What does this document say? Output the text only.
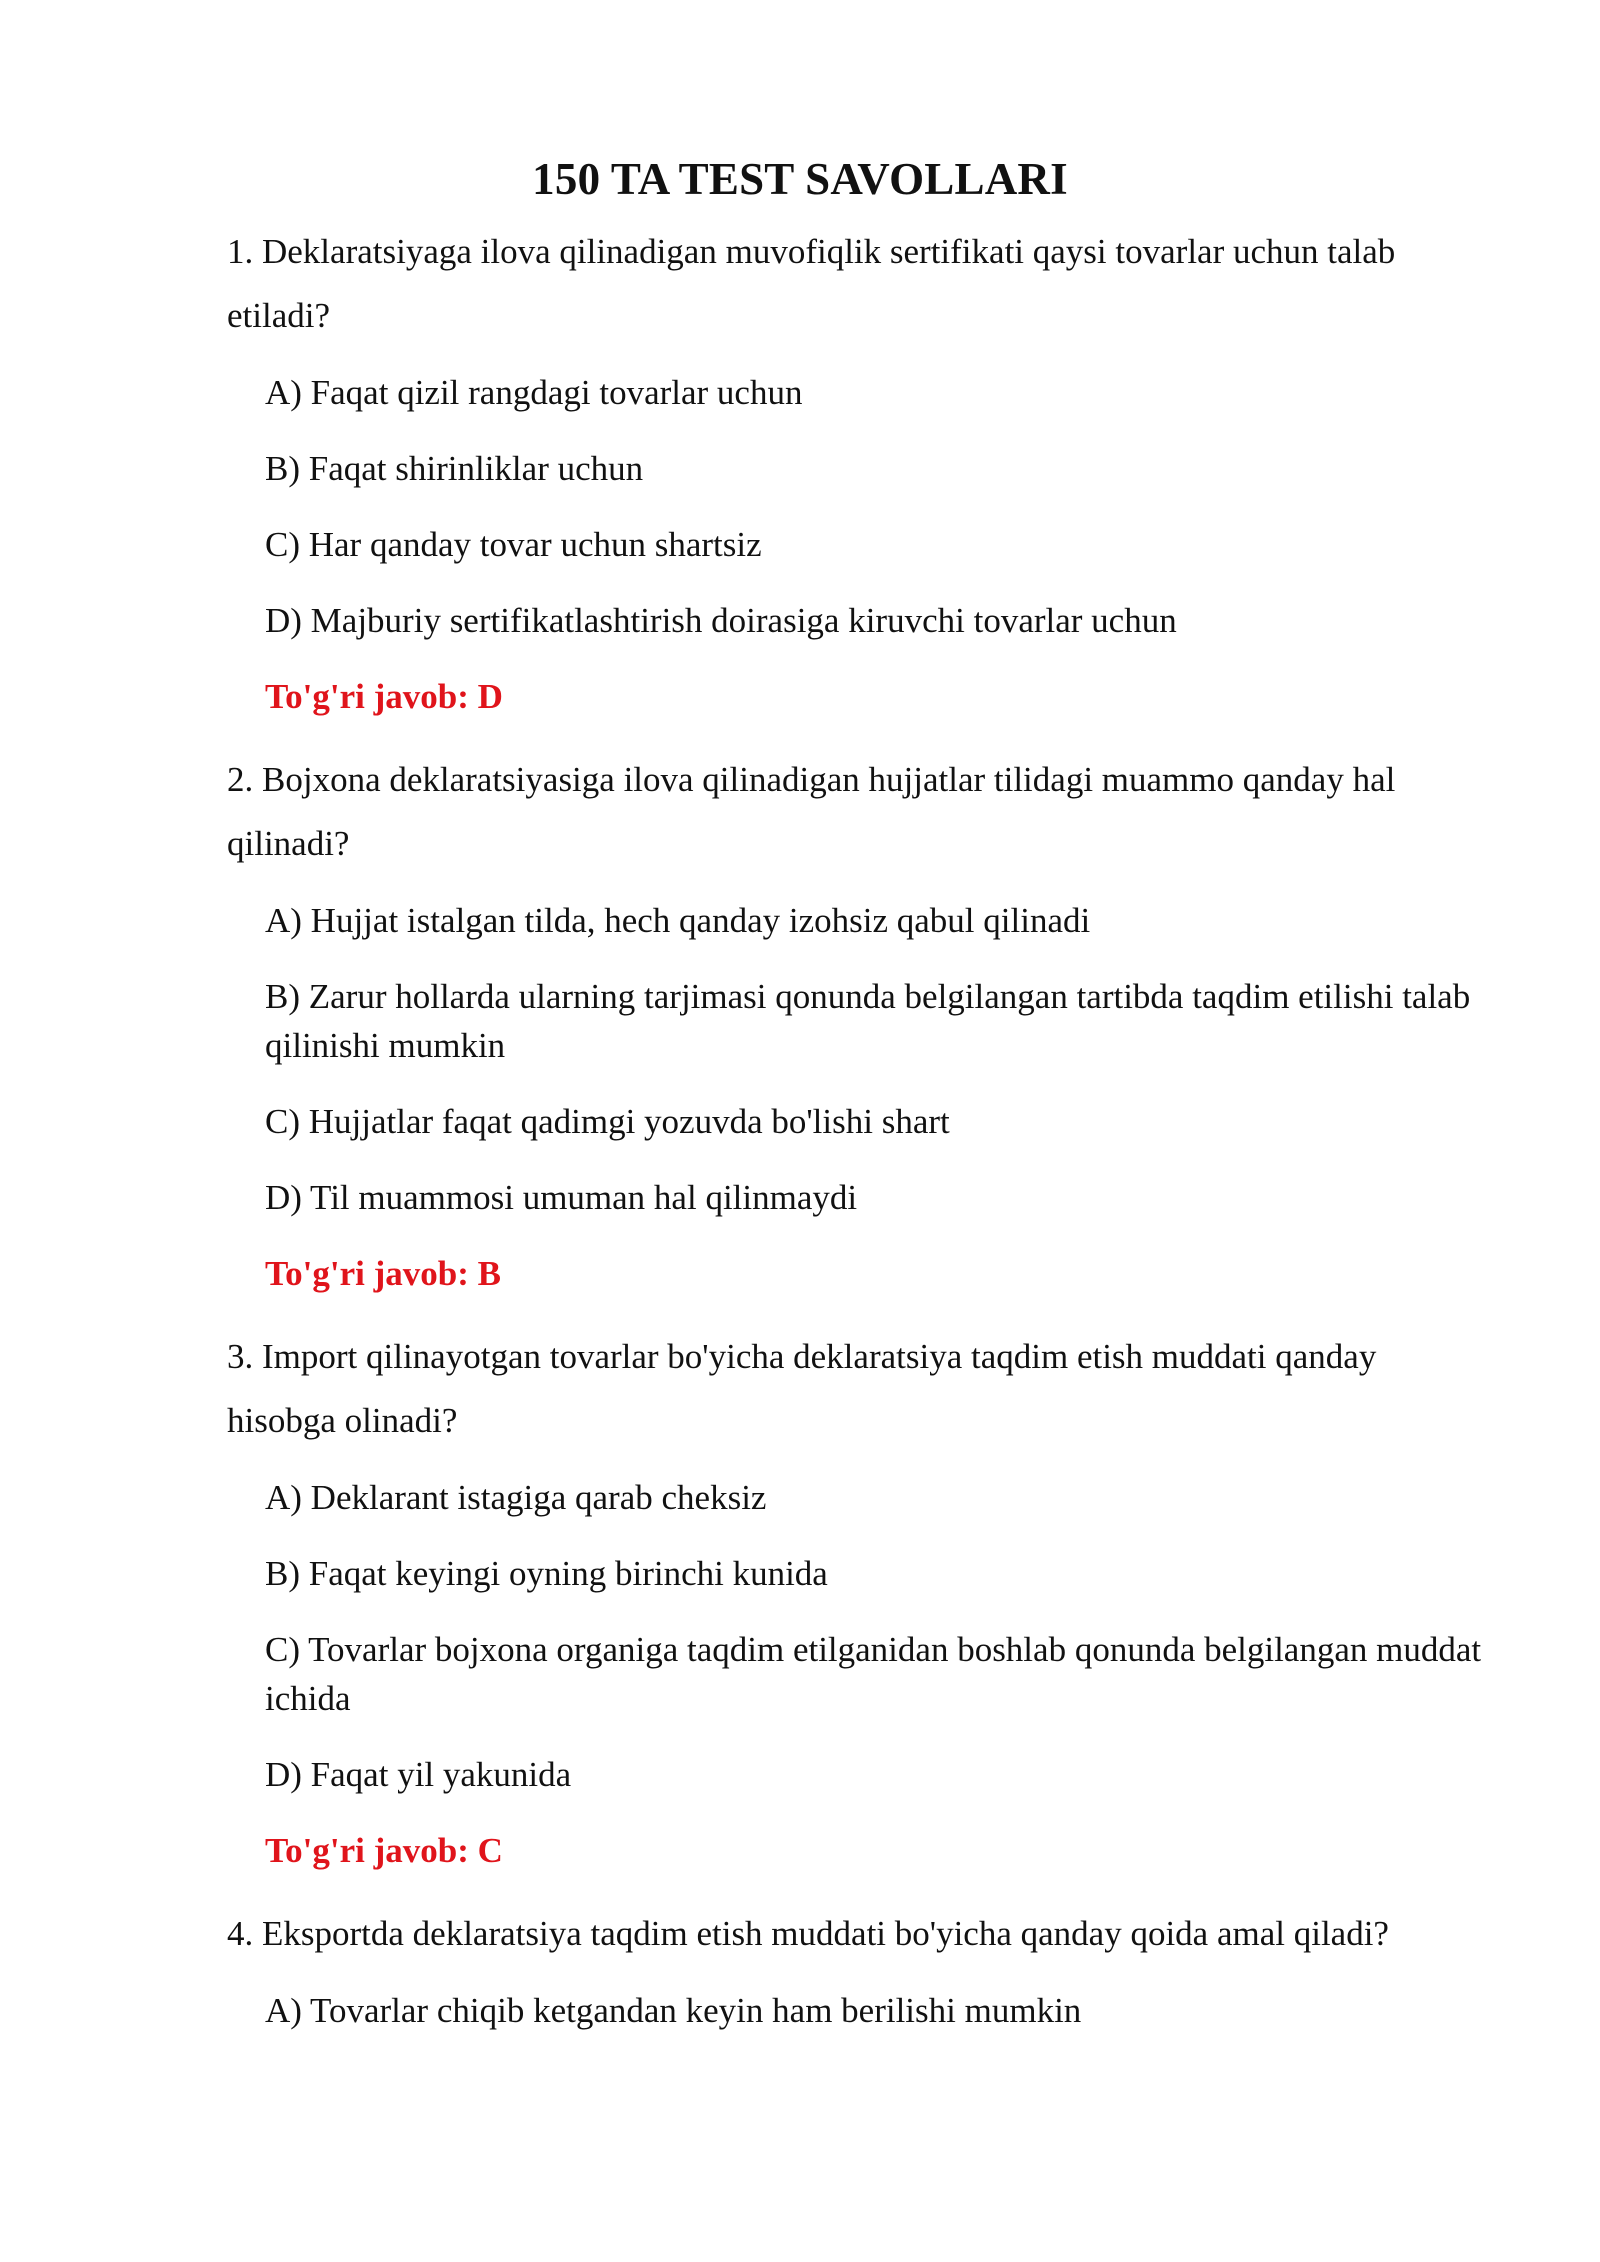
150 TA TEST SAVOLLARI

1. Deklaratsiyaga ilova qilinadigan muvofiqlik sertifikati qaysi tovarlar uchun talab etiladi?

A) Faqat qizil rangdagi tovarlar uchun
B) Faqat shirinliklar uchun
C) Har qanday tovar uchun shartsiz
D) Majburiy sertifikatlashtirish doirasiga kiruvchi tovarlar uchun

To'g'ri javob: D

2. Bojxona deklaratsiyasiga ilova qilinadigan hujjatlar tilidagi muammo qanday hal qilinadi?

A) Hujjat istalgan tilda, hech qanday izohsiz qabul qilinadi
B) Zarur hollarda ularning tarjimasi qonunda belgilangan tartibda taqdim etilishi talab qilinishi mumkin
C) Hujjatlar faqat qadimgi yozuvda bo'lishi shart
D) Til muammosi umuman hal qilinmaydi

To'g'ri javob: B

3. Import qilinayotgan tovarlar bo'yicha deklaratsiya taqdim etish muddati qanday hisobga olinadi?

A) Deklarant istagiga qarab cheksiz
B) Faqat keyingi oyning birinchi kunida
C) Tovarlar bojxona organiga taqdim etilganidan boshlab qonunda belgilangan muddat ichida
D) Faqat yil yakunida

To'g'ri javob: C

4. Eksportda deklaratsiya taqdim etish muddati bo'yicha qanday qoida amal qiladi?

A) Tovarlar chiqib ketgandan keyin ham berilishi mumkin
